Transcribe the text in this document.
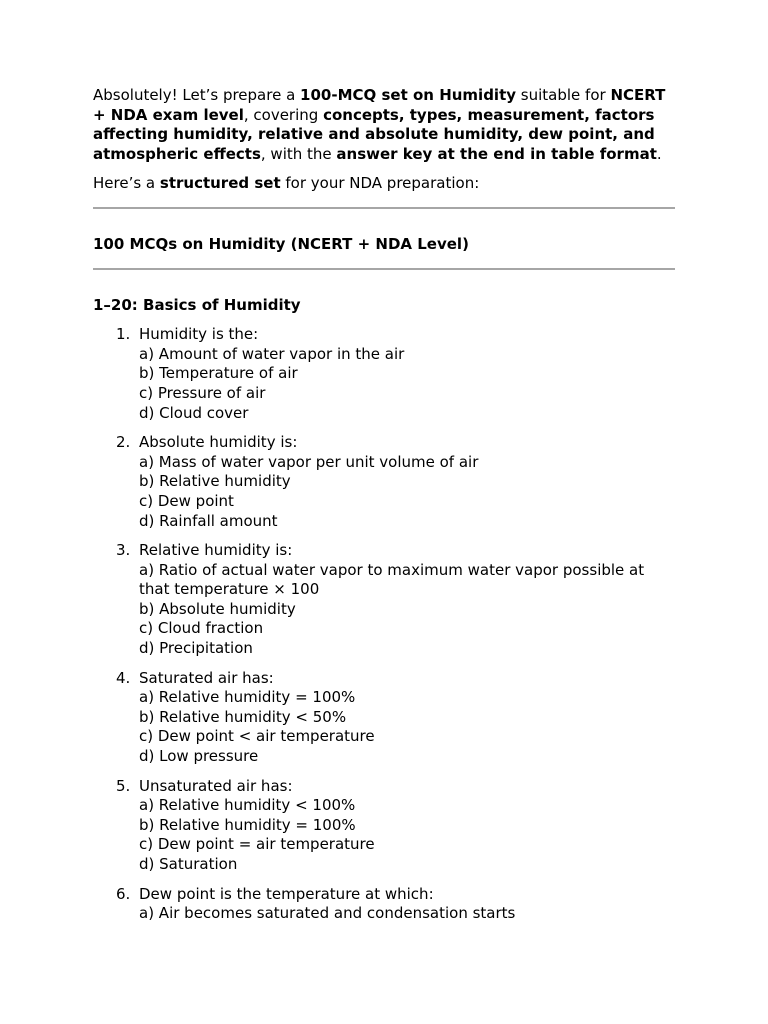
Absolutely! Let’s prepare a 100-MCQ set on Humidity suitable for NCERT + NDA exam level, covering concepts, types, measurement, factors affecting humidity, relative and absolute humidity, dew point, and atmospheric effects, with the answer key at the end in table format.

Here’s a structured set for your NDA preparation:

100 MCQs on Humidity (NCERT + NDA Level)
1–20: Basics of Humidity
1. Humidity is the:
a) Amount of water vapor in the air
b) Temperature of air
c) Pressure of air
d) Cloud cover
2. Absolute humidity is:
a) Mass of water vapor per unit volume of air
b) Relative humidity
c) Dew point
d) Rainfall amount
3. Relative humidity is:
a) Ratio of actual water vapor to maximum water vapor possible at that temperature × 100
b) Absolute humidity
c) Cloud fraction
d) Precipitation
4. Saturated air has:
a) Relative humidity = 100%
b) Relative humidity < 50%
c) Dew point < air temperature
d) Low pressure
5. Unsaturated air has:
a) Relative humidity < 100%
b) Relative humidity = 100%
c) Dew point = air temperature
d) Saturation
6. Dew point is the temperature at which:
a) Air becomes saturated and condensation starts
